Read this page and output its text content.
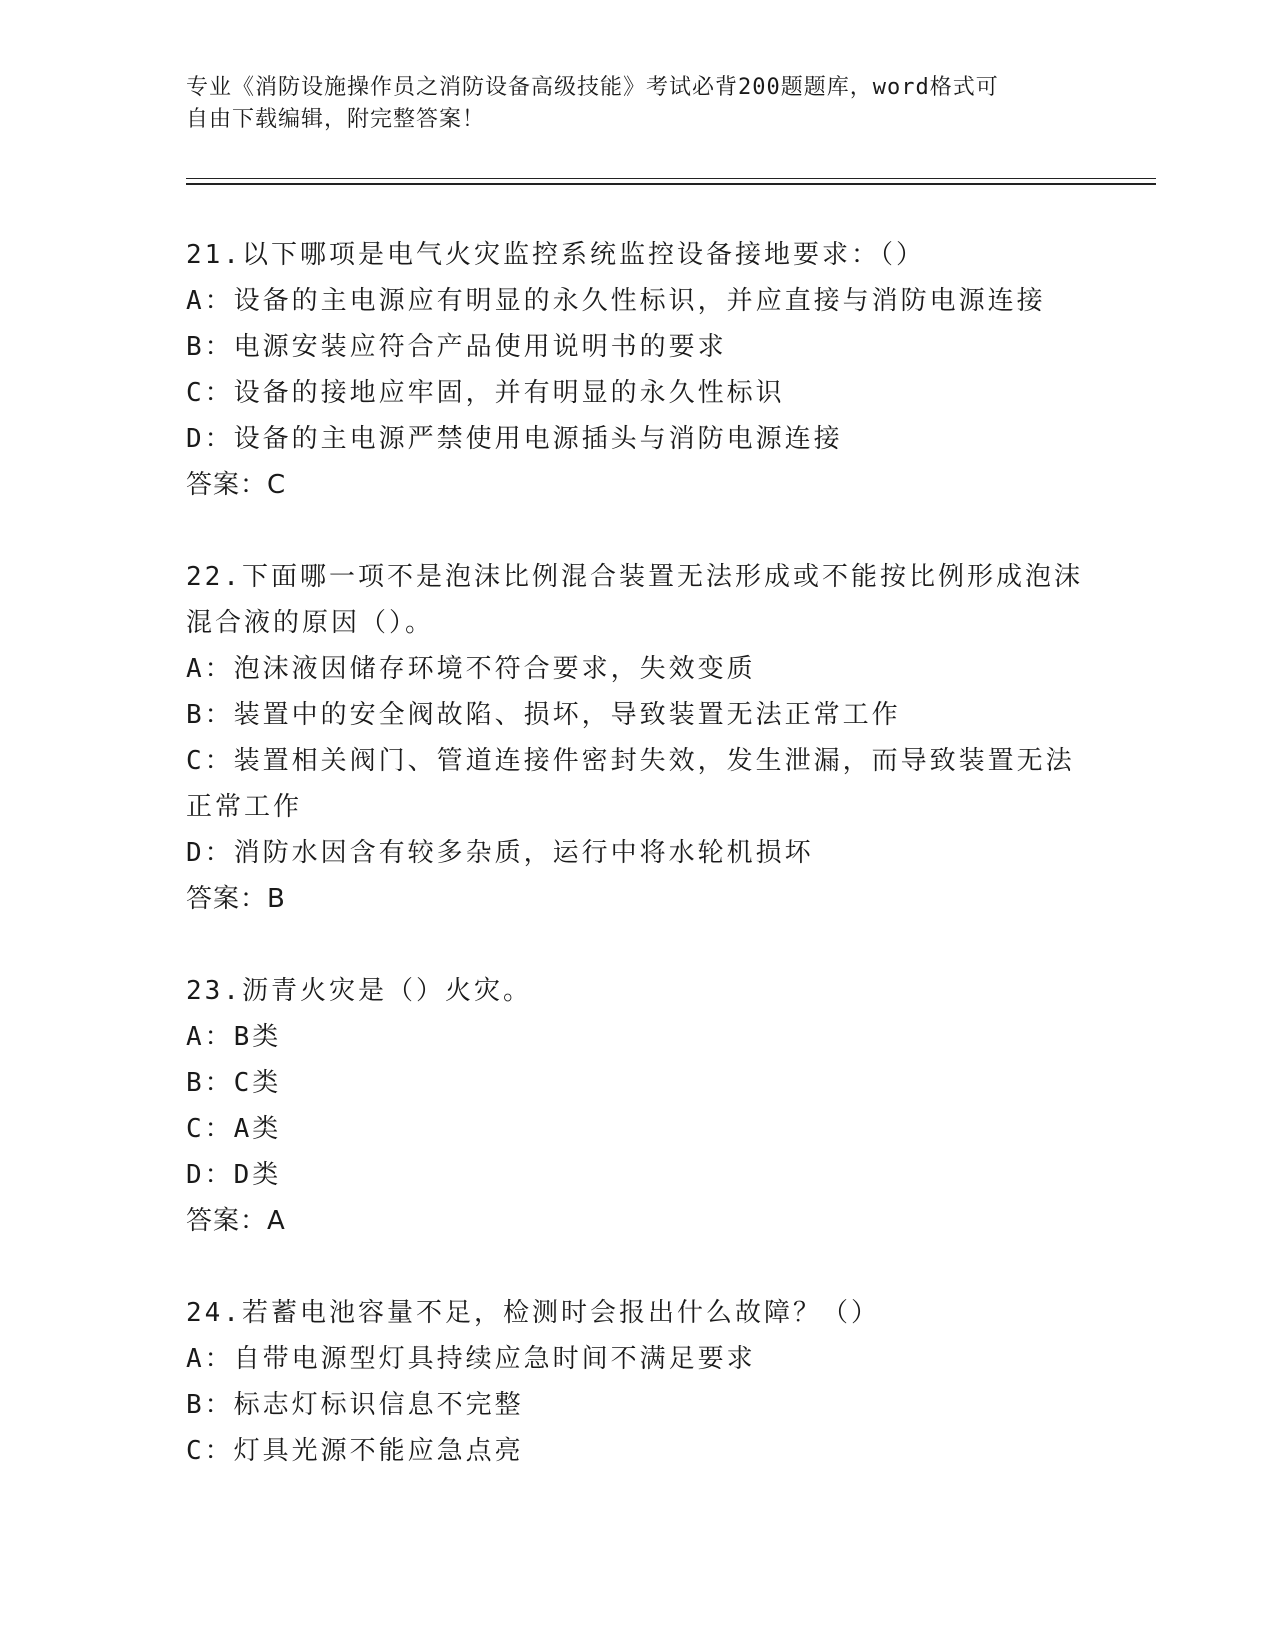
专业《消防设施操作员之消防设备高级技能》考试必背200题题库，word格式可
自由下载编辑，附完整答案！
21.以下哪项是电气火灾监控系统监控设备接地要求：（）
A：设备的主电源应有明显的永久性标识，并应直接与消防电源连接
B：电源安装应符合产品使用说明书的要求
C：设备的接地应牢固，并有明显的永久性标识
D：设备的主电源严禁使用电源插头与消防电源连接
答案：C
22.下面哪一项不是泡沫比例混合装置无法形成或不能按比例形成泡沫
混合液的原因（）。
A：泡沫液因储存环境不符合要求，失效变质
B：装置中的安全阀故陷、损坏，导致装置无法正常工作
C：装置相关阀门、管道连接件密封失效，发生泄漏，而导致装置无法
正常工作
D：消防水因含有较多杂质，运行中将水轮机损坏
答案：B
23.沥青火灾是（）火灾。
A：B类
B：C类
C：A类
D：D类
答案：A
24.若蓄电池容量不足，检测时会报出什么故障？（）
A：自带电源型灯具持续应急时间不满足要求
B：标志灯标识信息不完整
C：灯具光源不能应急点亮
